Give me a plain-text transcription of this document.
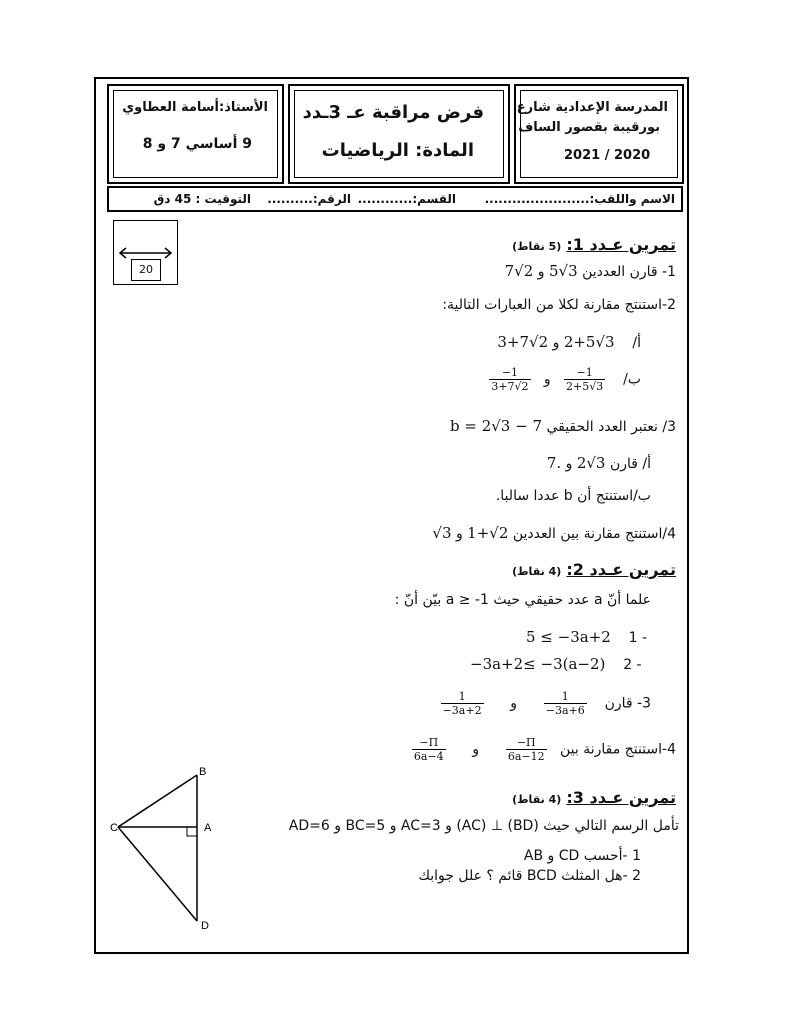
الأستاذ:أسامة العطاوي
9 أساسي 7 و 8
فرض مراقبة عـ 3ـدد
المادة: الرياضيات
المدرسة الإعدادية شارع
بورقيبة بقصور الساف
2021 / 2020
الاسم واللقب:.......................
القسم:............
الرقم:..........
التوقيت : 45 دق
20
تمرين عـدد 1: (5 نقاط)
1- قارن العددين 5√3 و 7√2
2-استنتج مقارنة لكلا من العبارات التالية:
أ/    2+5√3 و 3+7√2
ب/
$\frac{-1}{2+5√3}$
و
$\frac{-1}{3+7√2}$
3/ نعتبر العدد الحقيقي b = 2√3 − 7
أ/ قارن 2√3 و 7.
ب/استنتج أن b عددا سالبا.
4/استنتج مقارنة بين العددين 1+√2 و √3
تمرين عـدد 2: (4 نقاط)
علما أنّ a عدد حقيقي حيث 1- ≤ a بيّن أنّ :
5 ≤ −3a+2 1 -
−3a+2≤ −3(a−2) 2 -
3- قارن
$\frac{1}{-3a+6}$
و
$\frac{1}{-3a+2}$
4-استنتج مقارنة بين
$\frac{-\Pi}{6a-12}$
و
$\frac{-\Pi}{6a-4}$
تمرين عـدد 3: (4 نقاط)
تأمل الرسم التالي حيث (BD) ⊥ (AC) و AC=3 و BC=5 و AD=6
1 -أحسب CD و AB
2 -هل المثلث BCD قائم ؟ علل جوابك
B
C	A
D
